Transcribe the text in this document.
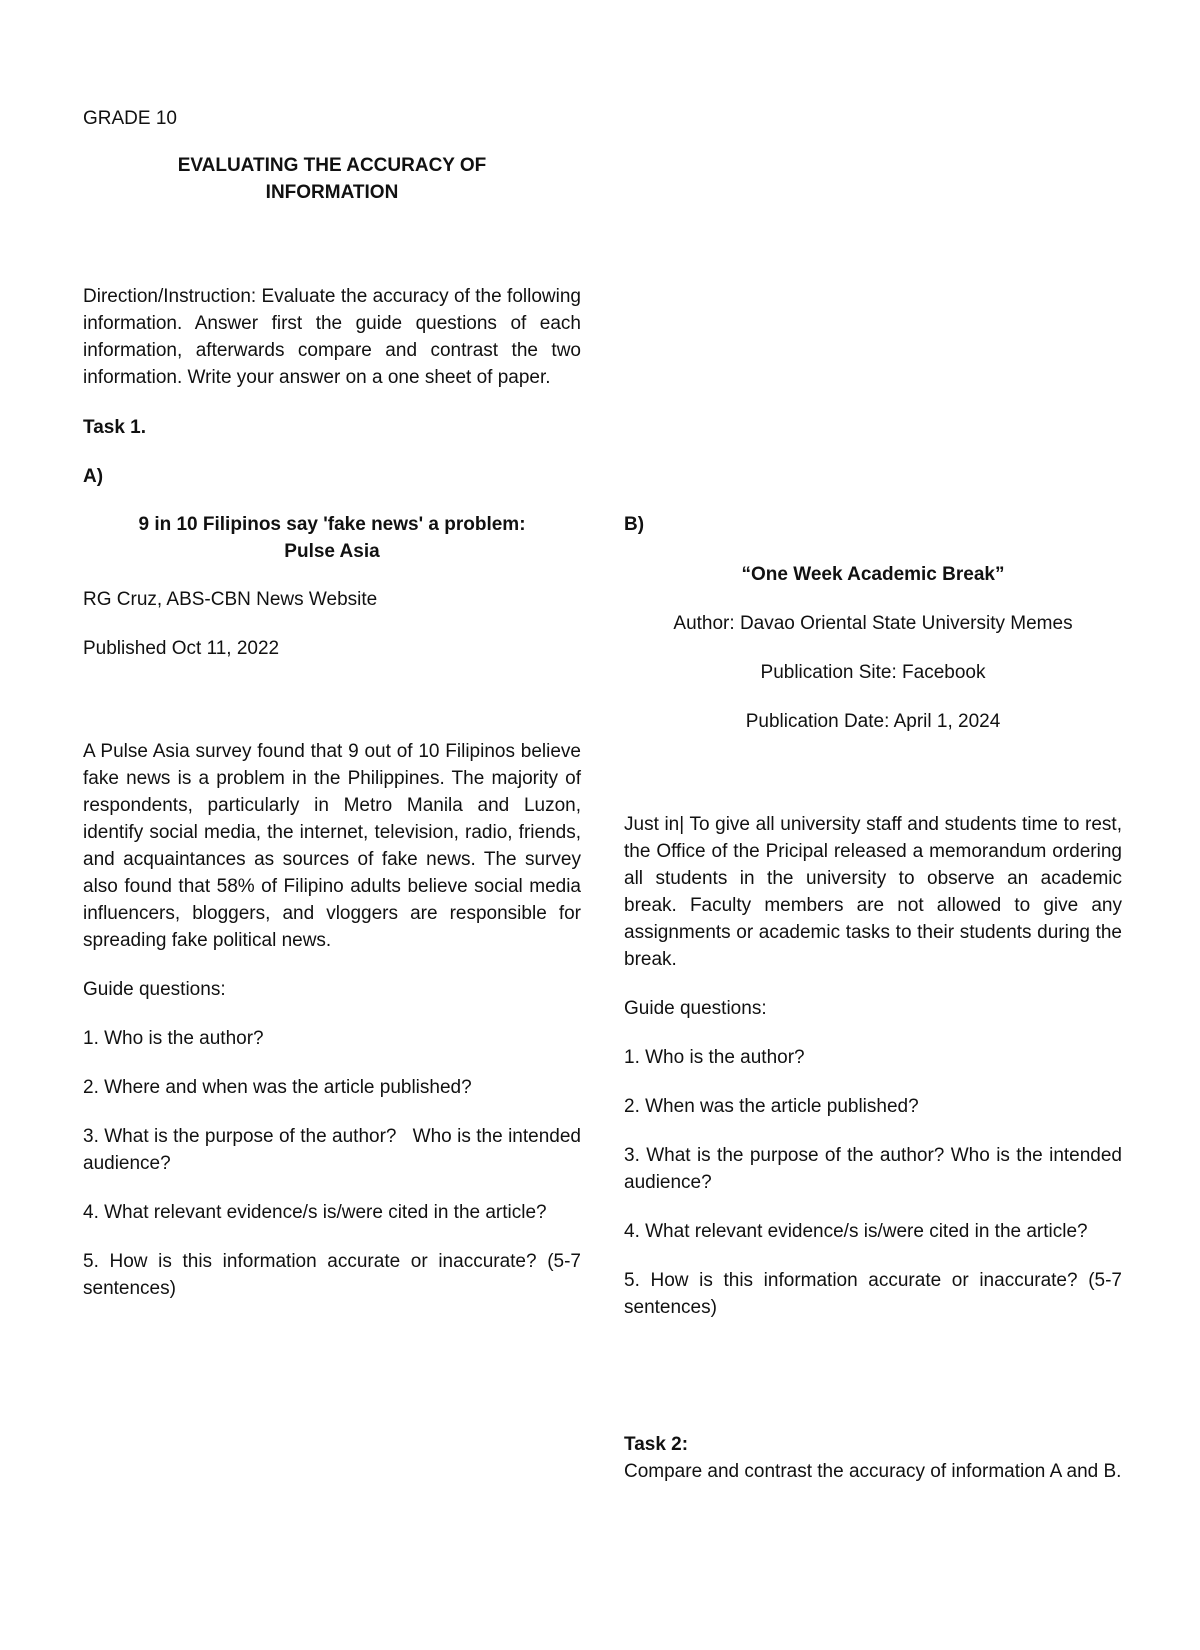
GRADE 10

EVALUATING THE ACCURACY OF
INFORMATION

Direction/Instruction: Evaluate the accuracy of the following information. Answer first the guide questions of each information, afterwards compare and contrast the two information. Write your answer on a one sheet of paper.

Task 1.

A)

9 in 10 Filipinos say 'fake news' a problem:
Pulse Asia

RG Cruz, ABS-CBN News Website

Published Oct 11, 2022

A Pulse Asia survey found that 9 out of 10 Filipinos believe fake news is a problem in the Philippines. The majority of respondents, particularly in Metro Manila and Luzon, identify social media, the internet, television, radio, friends, and acquaintances as sources of fake news. The survey also found that 58% of Filipino adults believe social media influencers, bloggers, and vloggers are responsible for spreading fake political news.

Guide questions:

1. Who is the author?

2. Where and when was the article published?

3. What is the purpose of the author?   Who is the intended audience?

4. What relevant evidence/s is/were cited in the article?

5. How is this information accurate or inaccurate? (5-7 sentences)

B)

“One Week Academic Break”

Author: Davao Oriental State University Memes

Publication Site: Facebook

Publication Date: April 1, 2024

Just in| To give all university staff and students time to rest, the Office of the Pricipal released a memorandum ordering all students in the university to observe an academic break. Faculty members are not allowed to give any assignments or academic tasks to their students during the break.

Guide questions:

1. Who is the author?

2. When was the article published?

3. What is the purpose of the author? Who is the intended audience?

4. What relevant evidence/s is/were cited in the article?

5. How is this information accurate or inaccurate? (5-7 sentences)

Task 2:

Compare and contrast the accuracy of information A and B.
